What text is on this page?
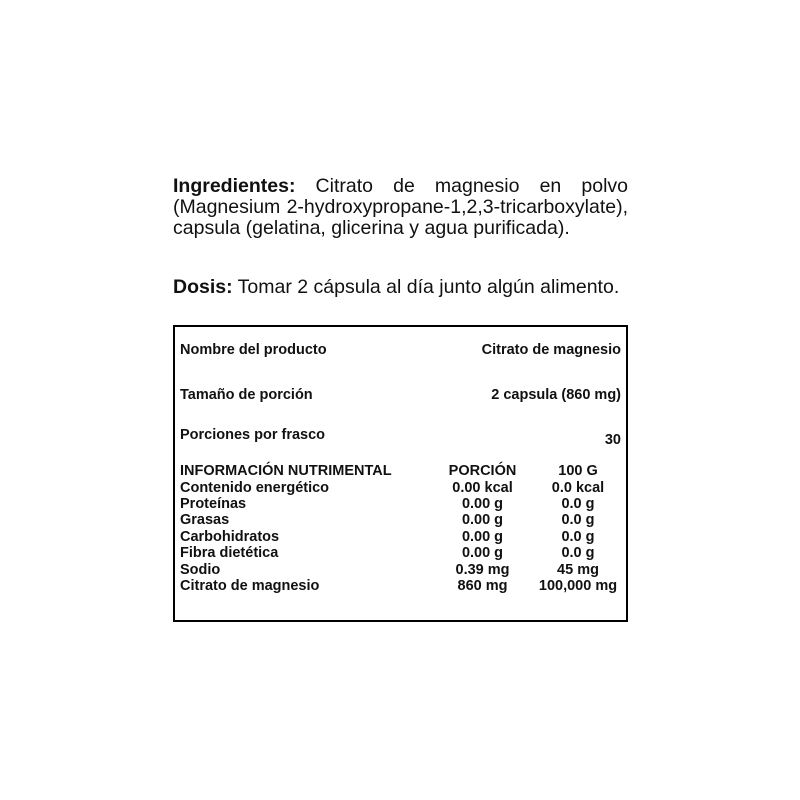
Ingredientes: Citrato de magnesio en polvo (Magnesium 2-hydroxypropane-1,2,3-tricarboxylate), capsula (gelatina, glicerina y agua purificada).

Dosis: Tomar 2 cápsula al día junto algún alimento.

Nombre del producto	Citrato de magnesio
Tamaño de porción	2 capsula (860 mg)
Porciones por frasco	30
INFORMACIÓN NUTRIMENTAL	PORCIÓN	100 G
Contenido energético	0.00 kcal	0.0 kcal
Proteínas	0.00 g	0.0 g
Grasas	0.00 g	0.0 g
Carbohidratos	0.00 g	0.0 g
Fibra dietética	0.00 g	0.0 g
Sodio	0.39 mg	45 mg
Citrato de magnesio	860 mg	100,000 mg
